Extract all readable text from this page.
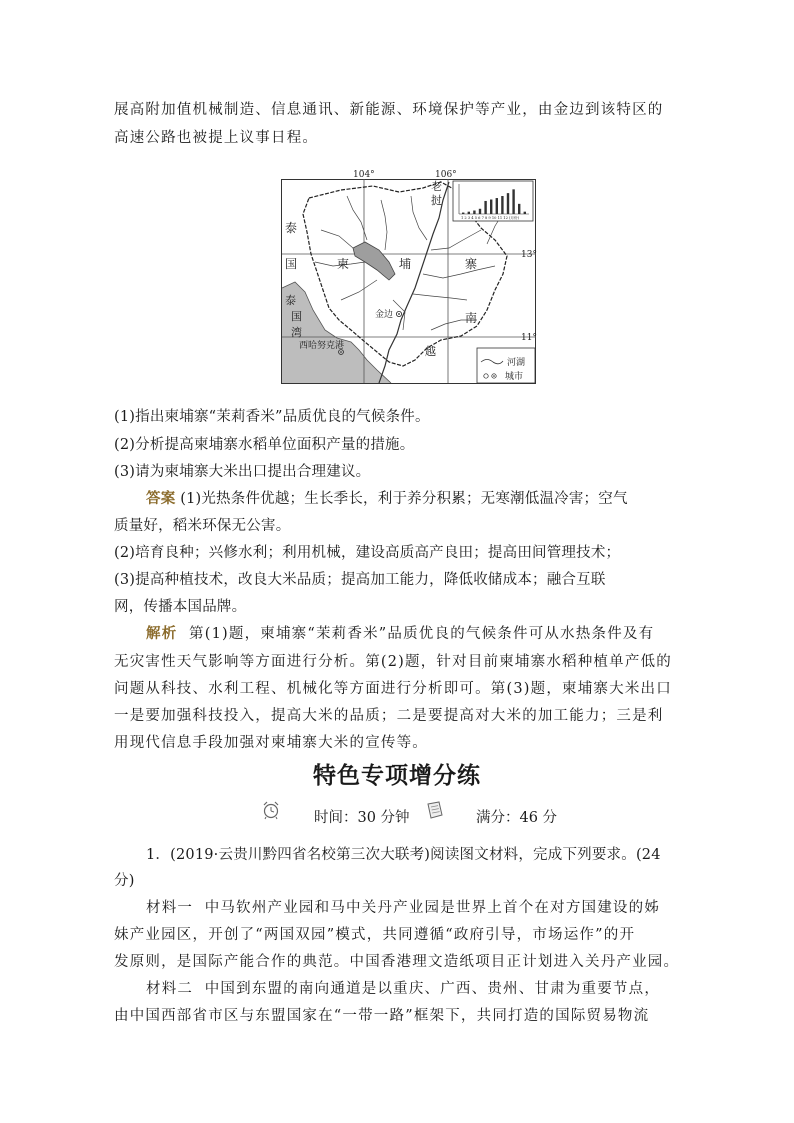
展高附加值机械制造、信息通讯、新能源、环境保护等产业，由金边到该特区的
高速公路也被提上议事日程。
104°	106°
13°
11°
泰
国	柬	埔	寨
老
挝
越
南
泰
国
湾
金边
西哈努克港
1 2 3 4 5 6 7 8 9 10 11 12 (月份)
河湖
城市
(1)指出柬埔寨“茉莉香米”品质优良的气候条件。
(2)分析提高柬埔寨水稻单位面积产量的措施。
(3)请为柬埔寨大米出口提出合理建议。
答案 (1)光热条件优越；生长季长，利于养分积累；无寒潮低温冷害；空气
质量好，稻米环保无公害。
(2)培育良种；兴修水利；利用机械，建设高质高产良田；提高田间管理技术；
(3)提高种植技术，改良大米品质；提高加工能力，降低收储成本；融合互联
网，传播本国品牌。
解析 第(1)题，柬埔寨“茉莉香米”品质优良的气候条件可从水热条件及有
无灾害性天气影响等方面进行分析。第(2)题，针对目前柬埔寨水稻种植单产低的
问题从科技、水利工程、机械化等方面进行分析即可。第(3)题，柬埔寨大米出口
一是要加强科技投入，提高大米的品质；二是要提高对大米的加工能力；三是利
用现代信息手段加强对柬埔寨大米的宣传等。
特色专项增分练
时间：30 分钟	满分：46 分
1．(2019·云贵川黔四省名校第三次大联考)阅读图文材料，完成下列要求。(24
分)
材料一 中马钦州产业园和马中关丹产业园是世界上首个在对方国建设的姊
妹产业园区，开创了“两国双园”模式，共同遵循“政府引导，市场运作”的开
发原则，是国际产能合作的典范。中国香港理文造纸项目正计划进入关丹产业园。
材料二 中国到东盟的南向通道是以重庆、广西、贵州、甘肃为重要节点，
由中国西部省市区与东盟国家在“一带一路”框架下，共同打造的国际贸易物流
